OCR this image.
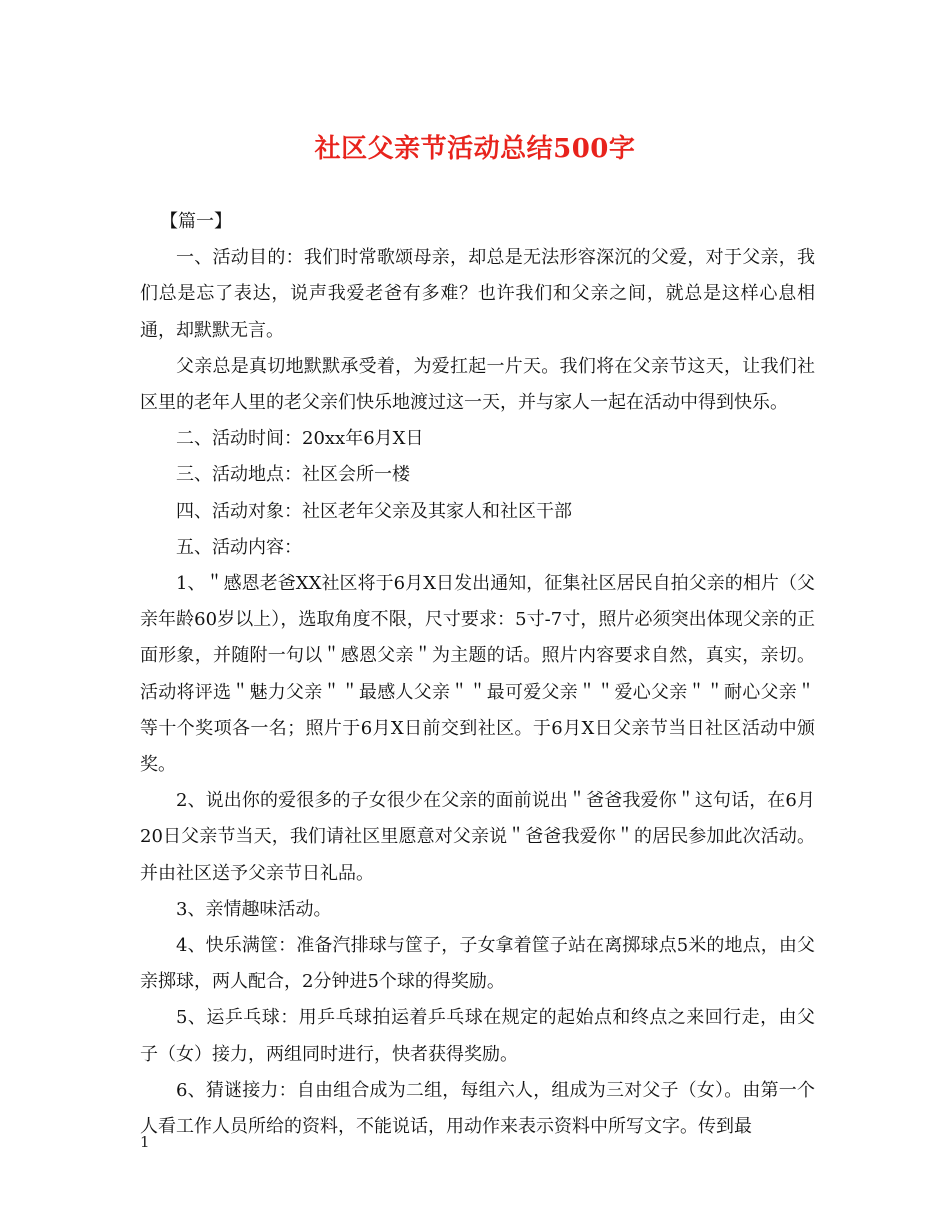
社区父亲节活动总结500字

【篇一】

一、活动目的：我们时常歌颂母亲，却总是无法形容深沉的父爱，对于父亲，我们总是忘了表达，说声我爱老爸有多难？也许我们和父亲之间，就总是这样心息相通，却默默无言。

父亲总是真切地默默承受着，为爱扛起一片天。我们将在父亲节这天，让我们社区里的老年人里的老父亲们快乐地渡过这一天，并与家人一起在活动中得到快乐。

二、活动时间：20xx年6月X日

三、活动地点：社区会所一楼

四、活动对象：社区老年父亲及其家人和社区干部

五、活动内容：

1、＂感恩老爸XX社区将于6月X日发出通知，征集社区居民自拍父亲的相片（父亲年龄60岁以上），选取角度不限，尺寸要求：5寸-7寸，照片必须突出体现父亲的正面形象，并随附一句以＂感恩父亲＂为主题的话。照片内容要求自然，真实，亲切。活动将评选＂魅力父亲＂＂最感人父亲＂＂最可爱父亲＂＂爱心父亲＂＂耐心父亲＂等十个奖项各一名；照片于6月X日前交到社区。于6月X日父亲节当日社区活动中颁奖。

2、说出你的爱很多的子女很少在父亲的面前说出＂爸爸我爱你＂这句话，在6月20日父亲节当天，我们请社区里愿意对父亲说＂爸爸我爱你＂的居民参加此次活动。并由社区送予父亲节日礼品。

3、亲情趣味活动。

4、快乐满筐：准备汽排球与筐子，子女拿着筐子站在离掷球点5米的地点，由父亲掷球，两人配合，2分钟进5个球的得奖励。

5、运乒乓球：用乒乓球拍运着乒乓球在规定的起始点和终点之来回行走，由父子（女）接力，两组同时进行，快者获得奖励。

6、猜谜接力：自由组合成为二组，每组六人，组成为三对父子（女）。由第一个人看工作人员所给的资料，不能说话，用动作来表示资料中所写文字。传到最

1
